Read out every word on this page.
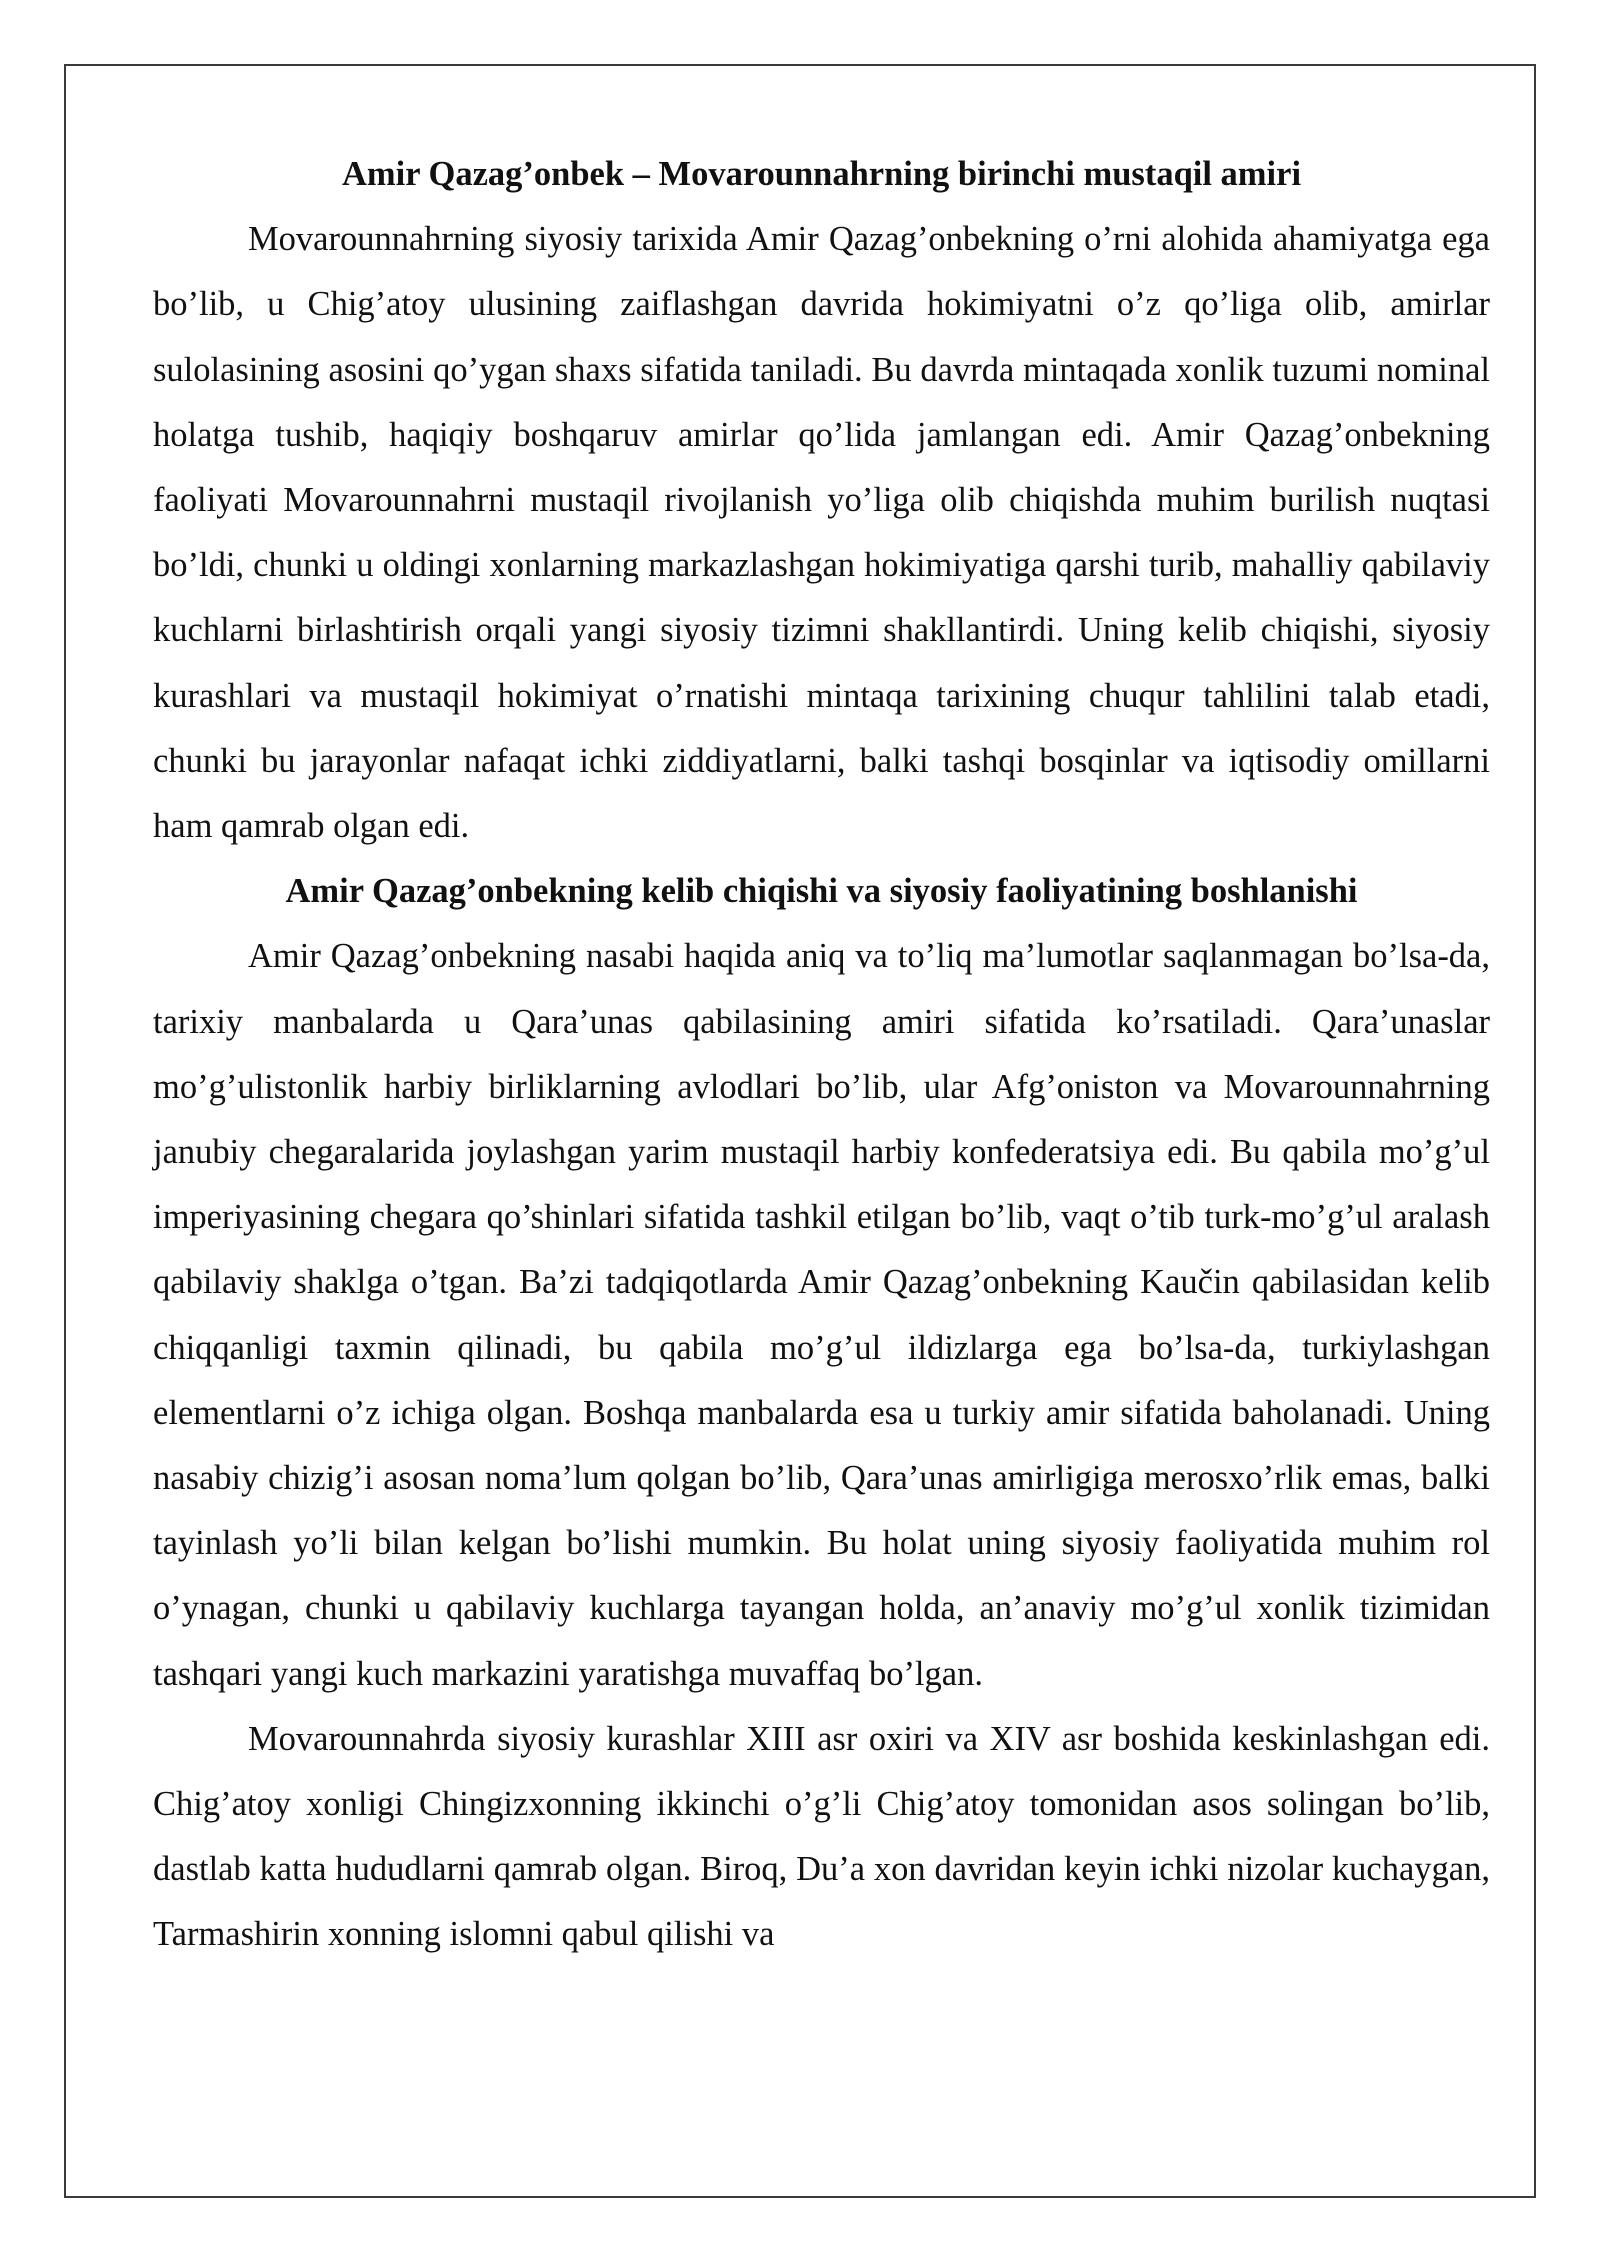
Amir Qazag’onbek – Movarounnahrning birinchi mustaqil amiri

Movarounnahrning siyosiy tarixida Amir Qazag’onbekning o’rni alohida ahamiyatga ega bo’lib, u Chig’atoy ulusining zaiflashgan davrida hokimiyatni o’z qo’liga olib, amirlar sulolasining asosini qo’ygan shaxs sifatida taniladi. Bu davrda mintaqada xonlik tuzumi nominal holatga tushib, haqiqiy boshqaruv amirlar qo’lida jamlangan edi. Amir Qazag’onbekning faoliyati Movarounnahrni mustaqil rivojlanish yo’liga olib chiqishda muhim burilish nuqtasi bo’ldi, chunki u oldingi xonlarning markazlashgan hokimiyatiga qarshi turib, mahalliy qabilaviy kuchlarni birlashtirish orqali yangi siyosiy tizimni shakllantirdi. Uning kelib chiqishi, siyosiy kurashlari va mustaqil hokimiyat o’rnatishi mintaqa tarixining chuqur tahlilini talab etadi, chunki bu jarayonlar nafaqat ichki ziddiyatlarni, balki tashqi bosqinlar va iqtisodiy omillarni ham qamrab olgan edi.

Amir Qazag’onbekning kelib chiqishi va siyosiy faoliyatining boshlanishi

Amir Qazag’onbekning nasabi haqida aniq va to’liq ma’lumotlar saqlanmagan bo’lsa-da, tarixiy manbalarda u Qara’unas qabilasining amiri sifatida ko’rsatiladi. Qara’unaslar mo’g’ulistonlik harbiy birliklarning avlodlari bo’lib, ular Afg’oniston va Movarounnahrning janubiy chegaralarida joylashgan yarim mustaqil harbiy konfederatsiya edi. Bu qabila mo’g’ul imperiyasining chegara qo’shinlari sifatida tashkil etilgan bo’lib, vaqt o’tib turk-mo’g’ul aralash qabilaviy shaklga o’tgan. Ba’zi tadqiqotlarda Amir Qazag’onbekning Kaučin qabilasidan kelib chiqqanligi taxmin qilinadi, bu qabila mo’g’ul ildizlarga ega bo’lsa-da, turkiylashgan elementlarni o’z ichiga olgan. Boshqa manbalarda esa u turkiy amir sifatida baholanadi. Uning nasabiy chizig’i asosan noma’lum qolgan bo’lib, Qara’unas amirligiga merosxo’rlik emas, balki tayinlash yo’li bilan kelgan bo’lishi mumkin. Bu holat uning siyosiy faoliyatida muhim rol o’ynagan, chunki u qabilaviy kuchlarga tayangan holda, an’anaviy mo’g’ul xonlik tizimidan tashqari yangi kuch markazini yaratishga muvaffaq bo’lgan.

Movarounnahrda siyosiy kurashlar XIII asr oxiri va XIV asr boshida keskinlashgan edi. Chig’atoy xonligi Chingizxonning ikkinchi o’g’li Chig’atoy tomonidan asos solingan bo’lib, dastlab katta hududlarni qamrab olgan. Biroq, Du’a xon davridan keyin ichki nizolar kuchaygan, Tarmashirin xonning islomni qabul qilishi va
